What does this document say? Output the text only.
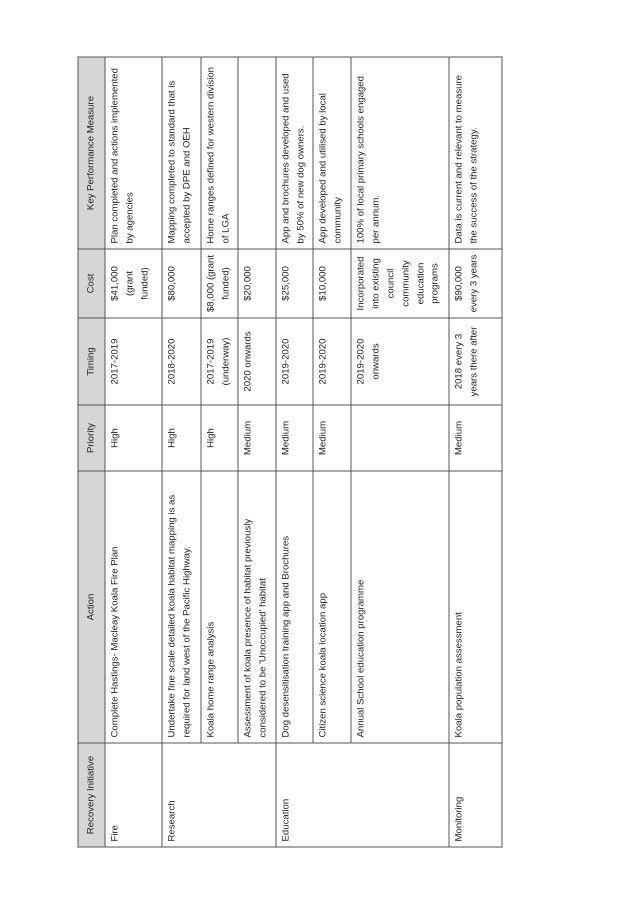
Recovery Initiative	Action	Priority	Timing	Cost	Key Performance Measure
Fire	Complete Hastings- Macleay Koala Fire Plan	High	2017-2019	$41,000 (grant funded)	Plan completed and actions implemented by agencies
Research	Undertake fine scale detailed koala habitat mapping is as required for land west of the Pacific Highway.	High	2018-2020	$80,000	Mapping completed to standard that is accepted by DPE and OEH
	Koala home range analysis	High	2017-2019 (underway)	$8,000 (grant funded)	Home ranges defined for western division of LGA
	Assessment of koala presence of habitat previously considered to be 'Unoccupied' habitat	Medium	2020 onwards	$20,000	
Education	Dog desensitisation training app and Brochures	Medium	2019-2020	$25,000	App and brochures developed and used by 50% of new dog owners.
	Citizen science koala location app	Medium	2019-2020	$10,000	App developed and utilised by local community
	Annual School education programme		2019-2020 onwards	Incorporated into existing council community education programs	100% of local primary schools engaged per annum.
Monitoring	Koala population assessment	Medium	2018 every 3 years there after	$90,000 every 3 years	Data is current and relevant to measure the success of the strategy.
